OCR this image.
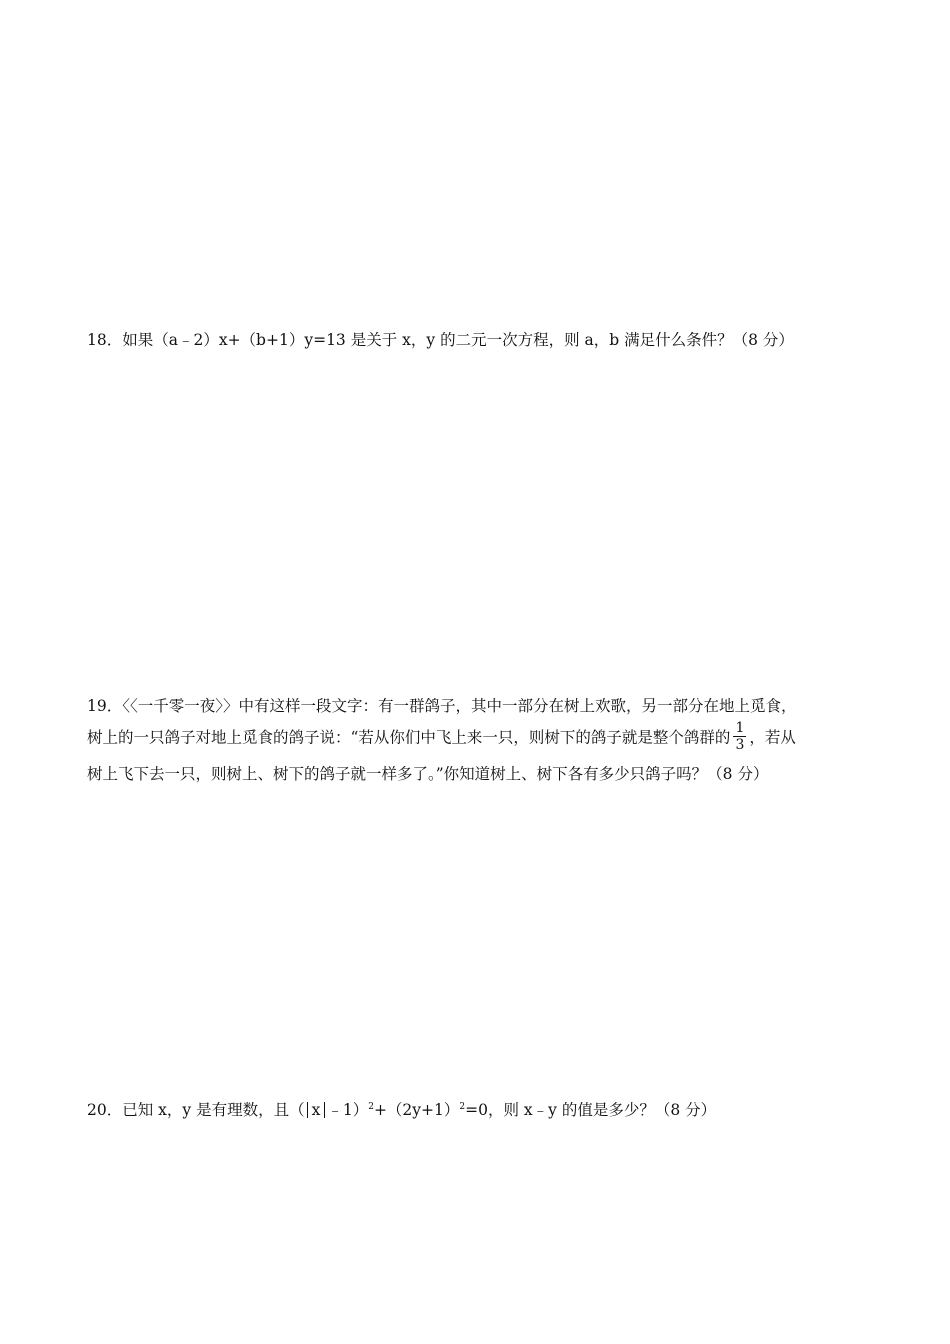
18．如果（a﹣2）x+（b+1）y=13 是关于 x，y 的二元一次方程，则 a，b 满足什么条件？（8 分）
19．〈〈一千零一夜〉〉中有这样一段文字：有一群鸽子，其中一部分在树上欢歌，另一部分在地上觅食，
树上的一只鸽子对地上觅食的鸽子说：“若从你们中飞上来一只，则树下的鸽子就是整个鸽群的 $\frac{1}{3}$ ，若从
树上飞下去一只，则树上、树下的鸽子就一样多了。”你知道树上、树下各有多少只鸽子吗？（8 分）
20．已知 x，y 是有理数，且（ x $﹣1)^2+(2y+1)^2=0$，则 x﹣y 的值是多少？（8 分）
